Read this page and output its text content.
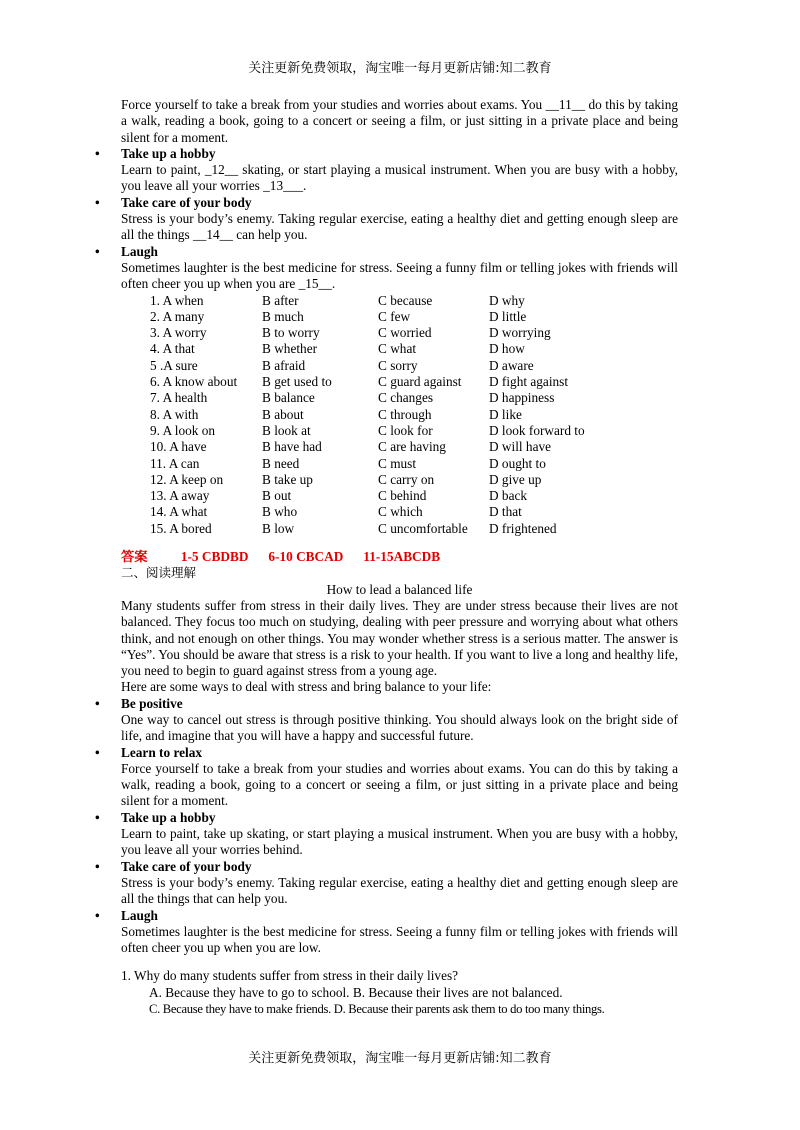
关注更新免费领取，淘宝唯一每月更新店铺:知二教育
Force yourself to take a break from your studies and worries about exams. You __11__ do this by taking a walk, reading a book, going to a concert or seeing a film, or just sitting in a private place and being silent for a moment.
• Take up a hobby
Learn to paint, _12__ skating, or start playing a musical instrument. When you are busy with a hobby, you leave all your worries _13___.
• Take care of your body
Stress is your body’s enemy. Taking regular exercise, eating a healthy diet and getting enough sleep are all the things __14__ can help you.
• Laugh
Sometimes laughter is the best medicine for stress. Seeing a funny film or telling jokes with friends will often cheer you up when you are _15__.
1. A when	B after	C because	D why
2. A many	B much	C few	D little
3. A worry	B to worry	C worried	D worrying
4. A that	B whether	C what	D how
5 .A sure	B afraid	C sorry	D aware
6. A know about	B get used to	C guard against	D fight against
7. A health	B balance	C changes	D happiness
8. A with	B about	C through	D like
9. A look on	B look at	C look for	D look forward to
10. A have	B have had	C are having	D will have
11. A can	B need	C must	D ought to
12. A keep on	B take up	C carry on	D give up
13. A away	B out	C behind	D back
14. A what	B who	C which	D that
15. A bored	B low	C uncomfortable	D frightened
答案          1-5 CBDBD      6-10 CBCAD      11-15ABCDB
二、阅读理解
How to lead a balanced life
Many students suffer from stress in their daily lives. They are under stress because their lives are not balanced. They focus too much on studying, dealing with peer pressure and worrying about what others think, and not enough on other things. You may wonder whether stress is a serious matter. The answer is “Yes”. You should be aware that stress is a risk to your health. If you want to live a long and healthy life, you need to begin to guard against stress from a young age.
Here are some ways to deal with stress and bring balance to your life:
• Be positive
One way to cancel out stress is through positive thinking. You should always look on the bright side of life, and imagine that you will have a happy and successful future.
• Learn to relax
Force yourself to take a break from your studies and worries about exams. You can do this by taking a walk, reading a book, going to a concert or seeing a film, or just sitting in a private place and being silent for a moment.
• Take up a hobby
Learn to paint, take up skating, or start playing a musical instrument. When you are busy with a hobby, you leave all your worries behind.
• Take care of your body
Stress is your body’s enemy. Taking regular exercise, eating a healthy diet and getting enough sleep are all the things that can help you.
• Laugh
Sometimes laughter is the best medicine for stress. Seeing a funny film or telling jokes with friends will often cheer you up when you are low.
1. Why do many students suffer from stress in their daily lives?
A. Because they have to go to school. B. Because their lives are not balanced.
C. Because they have to make friends. D. Because their parents ask them to do too many things.
关注更新免费领取，淘宝唯一每月更新店铺:知二教育
